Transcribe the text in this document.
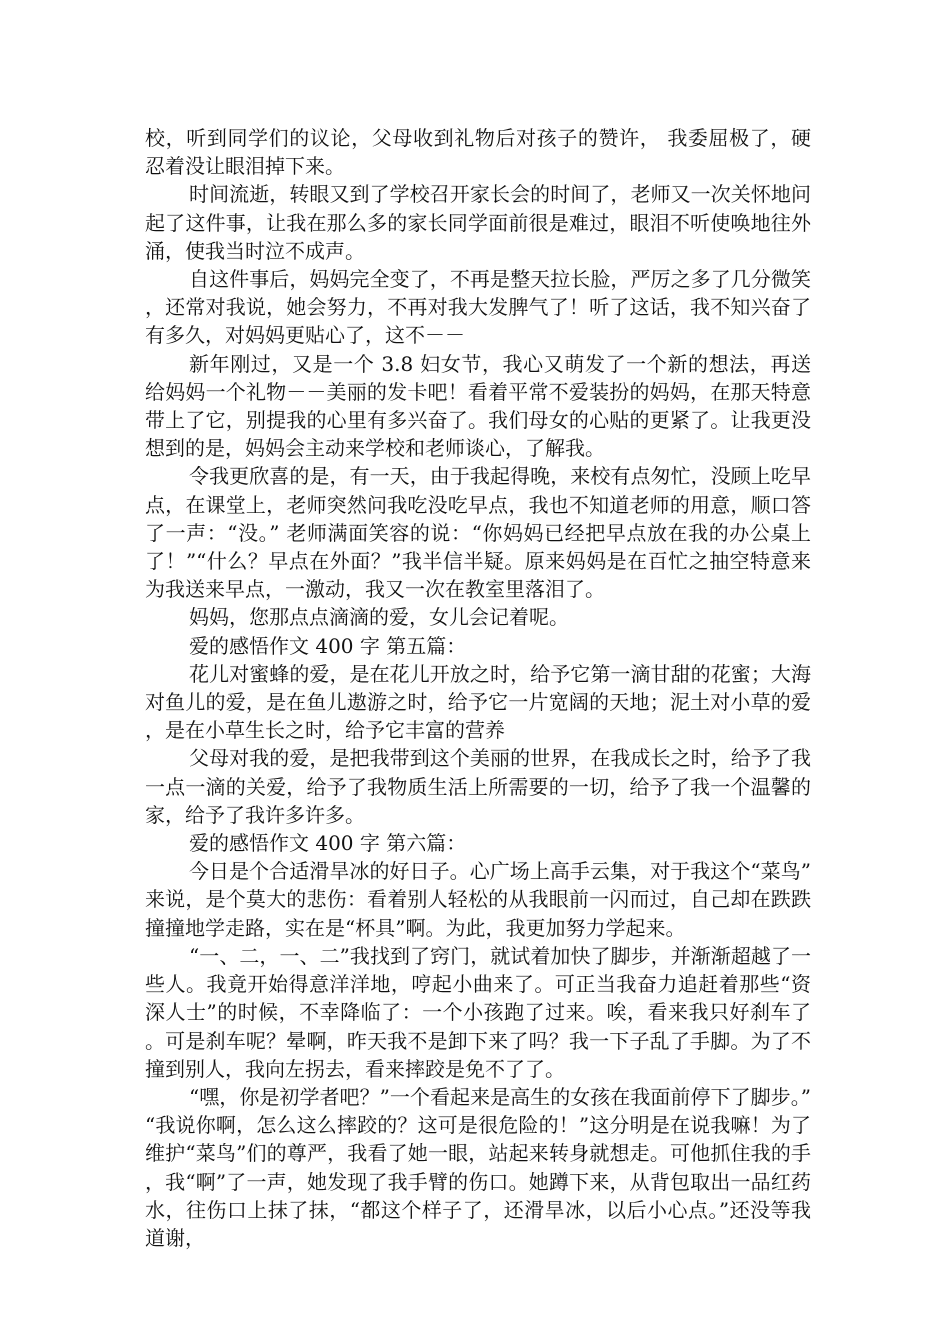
校，听到同学们的议论，父母收到礼物后对孩子的赞许， 我委屈极了，硬忍着没让眼泪掉下来。

时间流逝，转眼又到了学校召开家长会的时间了，老师又一次关怀地问起了这件事，让我在那么多的家长同学面前很是难过，眼泪不听使唤地往外涌，使我当时泣不成声。

自这件事后，妈妈完全变了，不再是整天拉长脸，严厉之多了几分微笑，还常对我说，她会努力，不再对我大发脾气了！听了这话，我不知兴奋了有多久，对妈妈更贴心了，这不－－

新年刚过，又是一个 3.8 妇女节，我心又萌发了一个新的想法，再送给妈妈一个礼物－－美丽的发卡吧！看着平常不爱装扮的妈妈，在那天特意带上了它，别提我的心里有多兴奋了。我们母女的心贴的更紧了。让我更没想到的是，妈妈会主动来学校和老师谈心，了解我。

令我更欣喜的是，有一天，由于我起得晚，来校有点匆忙，没顾上吃早点，在课堂上，老师突然问我吃没吃早点，我也不知道老师的用意，顺口答了一声：“没。” 老师满面笑容的说：“你妈妈已经把早点放在我的办公桌上了！”“什么？早点在外面？”我半信半疑。原来妈妈是在百忙之抽空特意来为我送来早点，一激动，我又一次在教室里落泪了。

妈妈，您那点点滴滴的爱，女儿会记着呢。

爱的感悟作文 400 字 第五篇：

花儿对蜜蜂的爱，是在花儿开放之时，给予它第一滴甘甜的花蜜；大海对鱼儿的爱，是在鱼儿遨游之时，给予它一片宽阔的天地；泥土对小草的爱，是在小草生长之时，给予它丰富的营养

父母对我的爱，是把我带到这个美丽的世界，在我成长之时，给予了我一点一滴的关爱，给予了我物质生活上所需要的一切，给予了我一个温馨的家，给予了我许多许多。

爱的感悟作文 400 字 第六篇：

今日是个合适滑旱冰的好日子。心广场上高手云集，对于我这个“菜鸟”来说，是个莫大的悲伤：看着别人轻松的从我眼前一闪而过，自己却在跌跌撞撞地学走路，实在是“杯具”啊。为此，我更加努力学起来。

“一、二，一、二”我找到了窍门，就试着加快了脚步，并渐渐超越了一些人。我竟开始得意洋洋地，哼起小曲来了。可正当我奋力追赶着那些“资深人士”的时候，不幸降临了：一个小孩跑了过来。唉，看来我只好刹车了。可是刹车呢？晕啊，昨天我不是卸下来了吗？我一下子乱了手脚。为了不撞到别人，我向左拐去，看来摔跤是免不了了。

“嘿，你是初学者吧？”一个看起来是高生的女孩在我面前停下了脚步。”“我说你啊，怎么这么摔跤的？这可是很危险的！”这分明是在说我嘛！为了维护“菜鸟”们的尊严，我看了她一眼，站起来转身就想走。可他抓住我的手，我“啊”了一声，她发现了我手臂的伤口。她蹲下来，从背包取出一品红药水，往伤口上抹了抹，“都这个样子了，还滑旱冰，以后小心点。”还没等我道谢，
